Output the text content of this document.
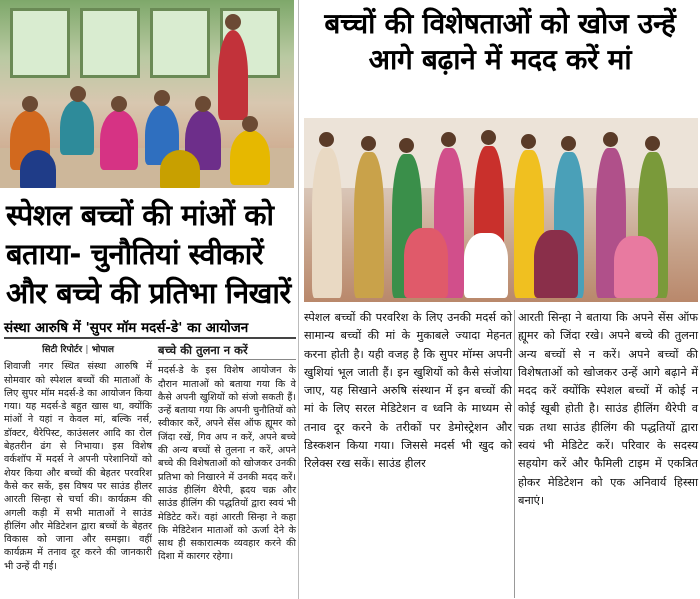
स्पेशल बच्चों की मांओं को बताया- चुनौतियां स्वीकारें और बच्चे की प्रतिभा निखारें
संस्था आरुषि में 'सुपर मॉम मदर्स-डे' का आयोजन
सिटी रिपोर्टर | भोपाल
शिवाजी नगर स्थित संस्था आरुषि में सोमवार को स्पेशल बच्चों की माताओं के लिए सुपर मॉम मदर्स-डे का आयोजन किया गया। यह मदर्स-डे बहुत खास था, क्योंकि मांओं ने यहां न केवल मां, बल्कि नर्स, डॉक्टर, थैरेपिस्ट, काउंसलर आदि का रोल बेहतरीन ढंग से निभाया। इस विशेष वर्कशॉप में मदर्स ने अपनी परेशानियों को शेयर किया और बच्चों की बेहतर परवरिश कैसे कर सकें, इस विषय पर साउंड हीलर आरती सिन्हा से चर्चा की। कार्यक्रम की अगली कड़ी में सभी माताओं ने साउंड हीलिंग और मेडिटेशन द्वारा बच्चों के बेहतर विकास को जाना और समझा। वहीं कार्यक्रम में तनाव दूर करने की जानकारी भी उन्हें दी गई।
बच्चे की तुलना न करें
मदर्स-डे के इस विशेष आयोजन के दौरान माताओं को बताया गया कि वे कैसे अपनी खुशियों को संजो सकती हैं। उन्हें बताया गया कि अपनी चुनौतियों को स्वीकार करें, अपने सेंस ऑफ ह्यूमर को जिंदा रखें, गिव अप न करें, अपने बच्चे की अन्य बच्चों से तुलना न करें, अपने बच्चे की विशेषताओं को खोजकर उनकी प्रतिभा को निखारने में उनकी मदद करें। साउंड हीलिंग थैरेपी, ह्रदय चक्र और साउंड हीलिंग की पद्धतियों द्वारा स्वयं भी मेडिटेट करें। वहां आरती सिन्हा ने कहा कि मेडिटेशन माताओं को ऊर्जा देने के साथ ही सकारात्मक व्यवहार करने की दिशा में कारगर रहेगा।
बच्चों की विशेषताओं को खोज उन्हें आगे बढ़ाने में मदद करें मां
स्पेशल बच्चों की परवरिश के लिए उनकी मदर्स को सामान्य बच्चों की मां के मुकाबले ज्यादा मेहनत करना होती है। यही वजह है कि सुपर मॉम्स अपनी खुशियां भूल जाती हैं। इन खुशियों को कैसे संजोया जाए, यह सिखाने अरुषि संस्थान में इन बच्चों की मां के लिए सरल मेडिटेशन व ध्वनि के माध्यम से तनाव दूर करने के तरीकों पर डेमोस्ट्रेशन और डिस्कशन किया गया। जिससे मदर्स भी खुद को रिलेक्स रख सकें। साउंड हीलर
आरती सिन्हा ने बताया कि अपने सेंस ऑफ ह्यूमर को जिंदा रखे। अपने बच्चे की तुलना अन्य बच्चों से न करें। अपने बच्चों की विशेषताओं को खोजकर उन्हें आगे बढ़ाने में मदद करें क्योंकि स्पेशल बच्चों में कोई न कोई खूबी होती है। साउंड हीलिंग थैरेपी व चक्र तथा साउंड हीलिंग की पद्धतियों द्वारा स्वयं भी मेडिटेट करें। परिवार के सदस्य सहयोग करें और फैमिली टाइम में एकत्रित होकर मेडिटेशन को एक अनिवार्य हिस्सा बनाएं।
